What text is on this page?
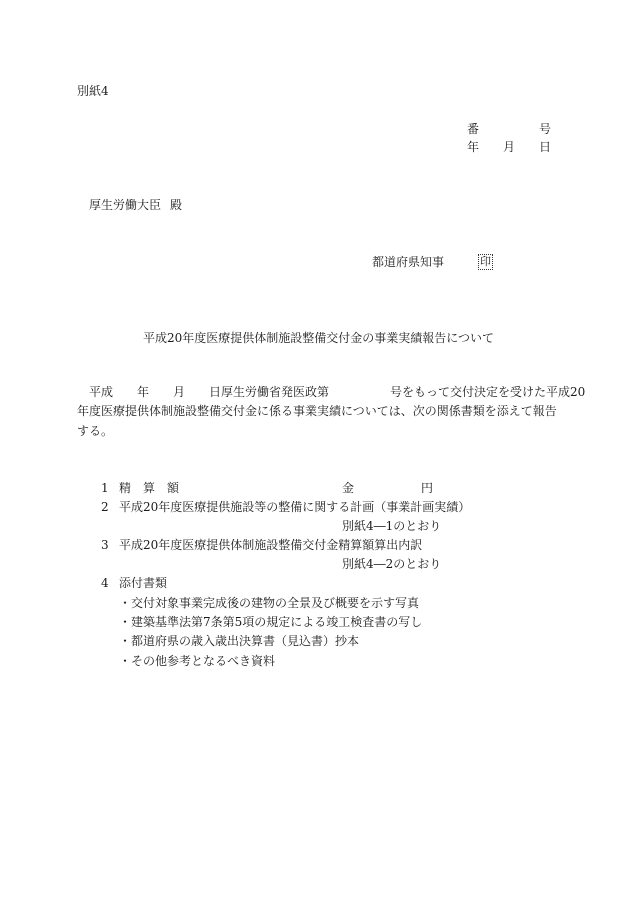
別紙4
番	号
年 月 日
厚生労働大臣 殿
都道府県知事	印
平成20年度医療提供体制施設整備交付金の事業実績報告について
平成 年 月 日厚生労働省発医政第	号をもって交付決定を受けた平成20
年度医療提供体制施設整備交付金に係る事業実績については、次の関係書類を添えて報告
する。
1 精　算　額	金	円
2 平成20年度医療提供施設等の整備に関する計画（事業計画実績）
別紙4―1のとおり
3 平成20年度医療提供体制施設整備交付金精算額算出内訳
別紙4―2のとおり
4 添付書類
・交付対象事業完成後の建物の全景及び概要を示す写真
・建築基準法第7条第5項の規定による竣工検査書の写し
・都道府県の歳入歳出決算書（見込書）抄本
・その他参考となるべき資料
